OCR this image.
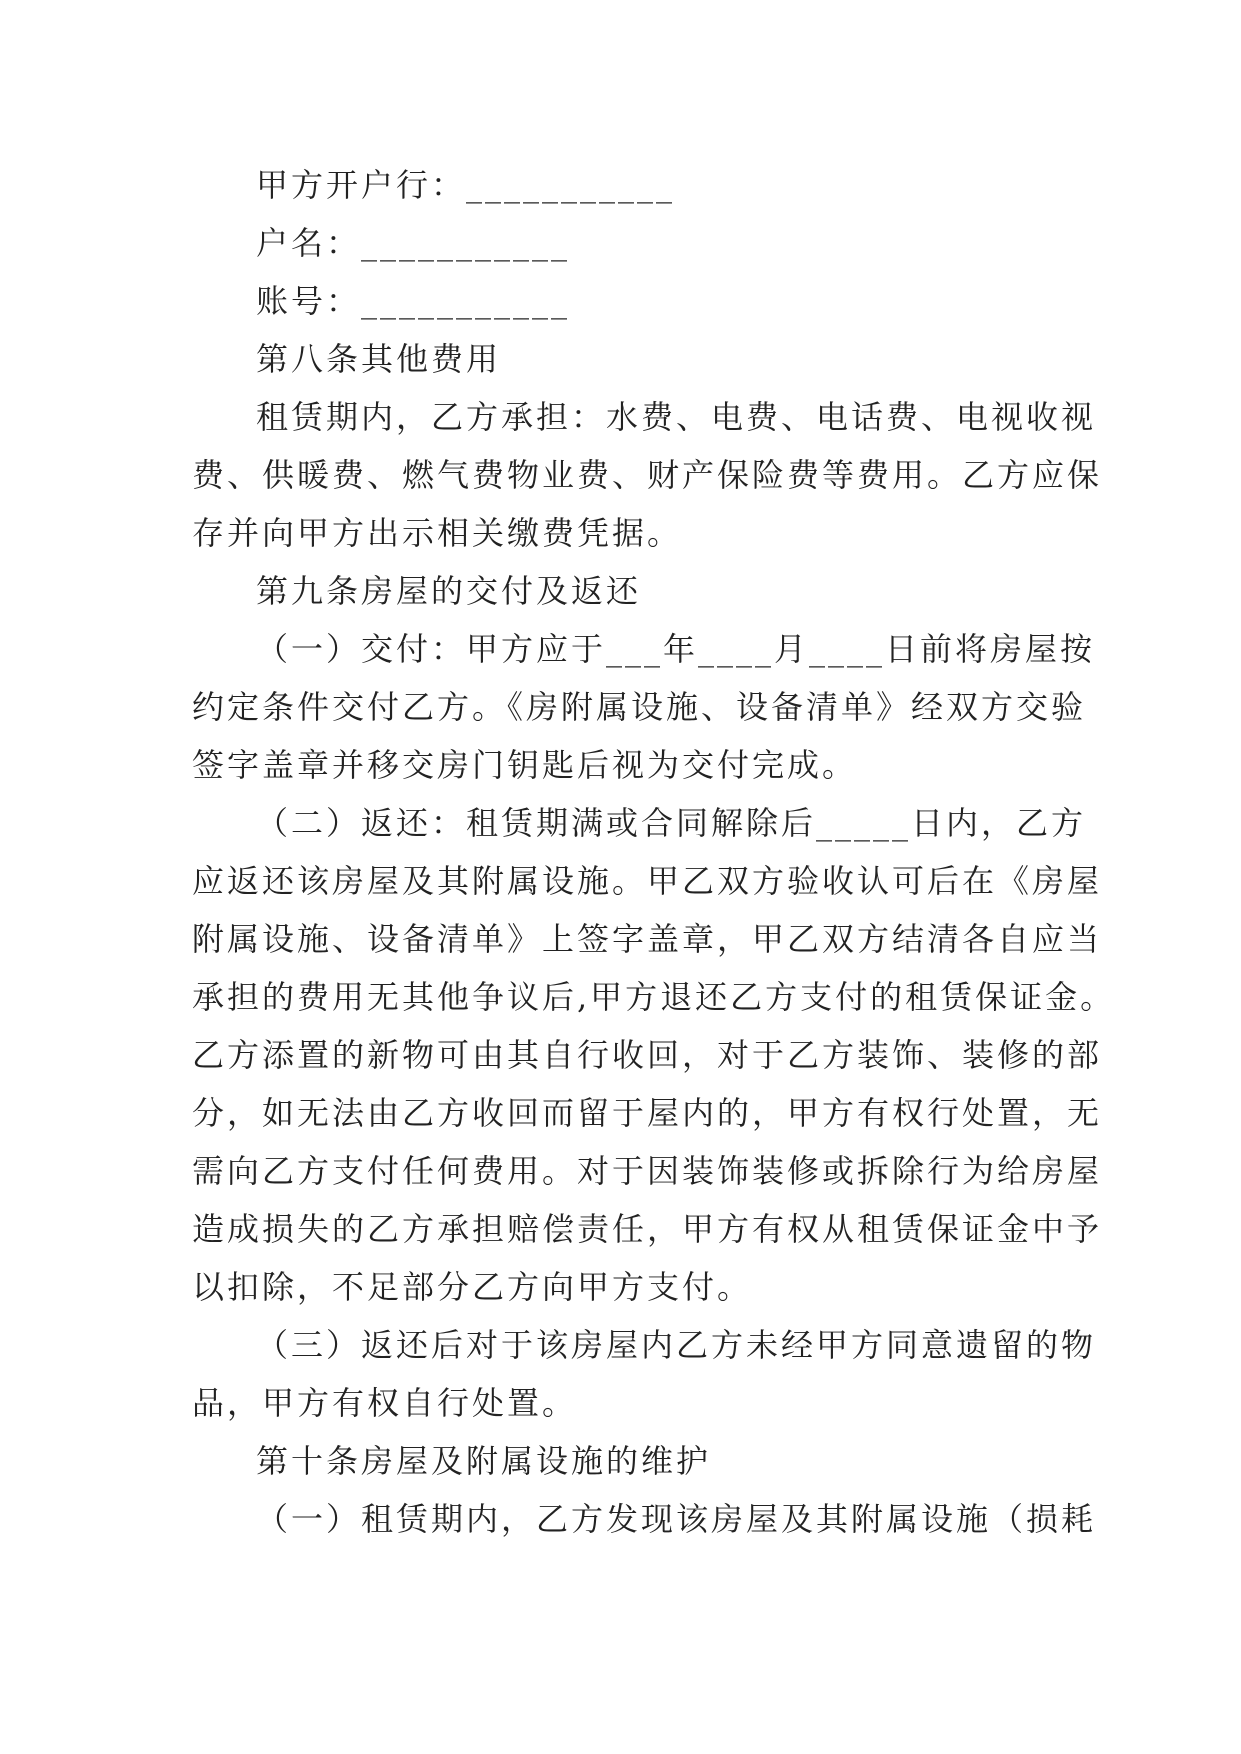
甲方开户行：___________
户名：___________
账号：___________
第八条其他费用
租赁期内，乙方承担：水费、电费、电话费、电视收视
费、供暖费、燃气费物业费、财产保险费等费用。乙方应保
存并向甲方出示相关缴费凭据。
第九条房屋的交付及返还
（一）交付：甲方应于___年____月____日前将房屋按
约定条件交付乙方。《房附属设施、设备清单》经双方交验
签字盖章并移交房门钥匙后视为交付完成。
（二）返还：租赁期满或合同解除后_____日内，乙方
应返还该房屋及其附属设施。甲乙双方验收认可后在《房屋
附属设施、设备清单》上签字盖章，甲乙双方结清各自应当
承担的费用无其他争议后,甲方退还乙方支付的租赁保证金。
乙方添置的新物可由其自行收回，对于乙方装饰、装修的部
分，如无法由乙方收回而留于屋内的，甲方有权行处置，无
需向乙方支付任何费用。对于因装饰装修或拆除行为给房屋
造成损失的乙方承担赔偿责任，甲方有权从租赁保证金中予
以扣除，不足部分乙方向甲方支付。
（三）返还后对于该房屋内乙方未经甲方同意遗留的物
品，甲方有权自行处置。
第十条房屋及附属设施的维护
（一）租赁期内，乙方发现该房屋及其附属设施（损耗
